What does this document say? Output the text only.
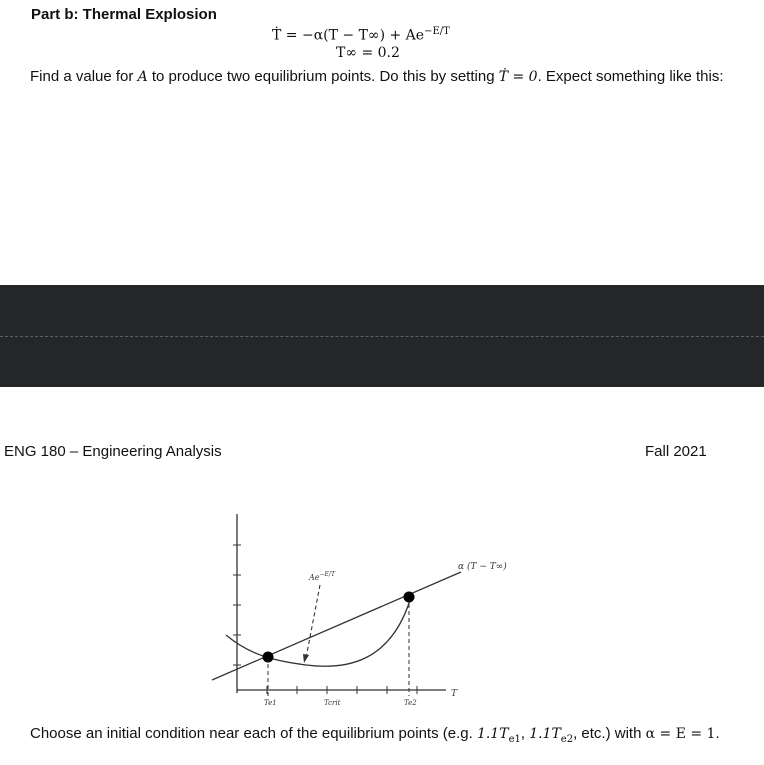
Part b: Thermal Explosion
Ṫ = $-\alpha(T - T\infty) + Ae^{-E/T}$
T∞ = 0.2
Find a value for A to produce two equilibrium points. Do this by setting Ṫ = 0. Expect something like this:
ENG 180 – Engineering Analysis	Fall 2021
T
α (T − T∞)
$Ae^{-E/T}$
Te1	Tcrit	Te2
Choose an initial condition near each of the equilibrium points (e.g. $1.1T_{e1}$, $1.1T_{e2}$, etc.) with α = E = 1.
